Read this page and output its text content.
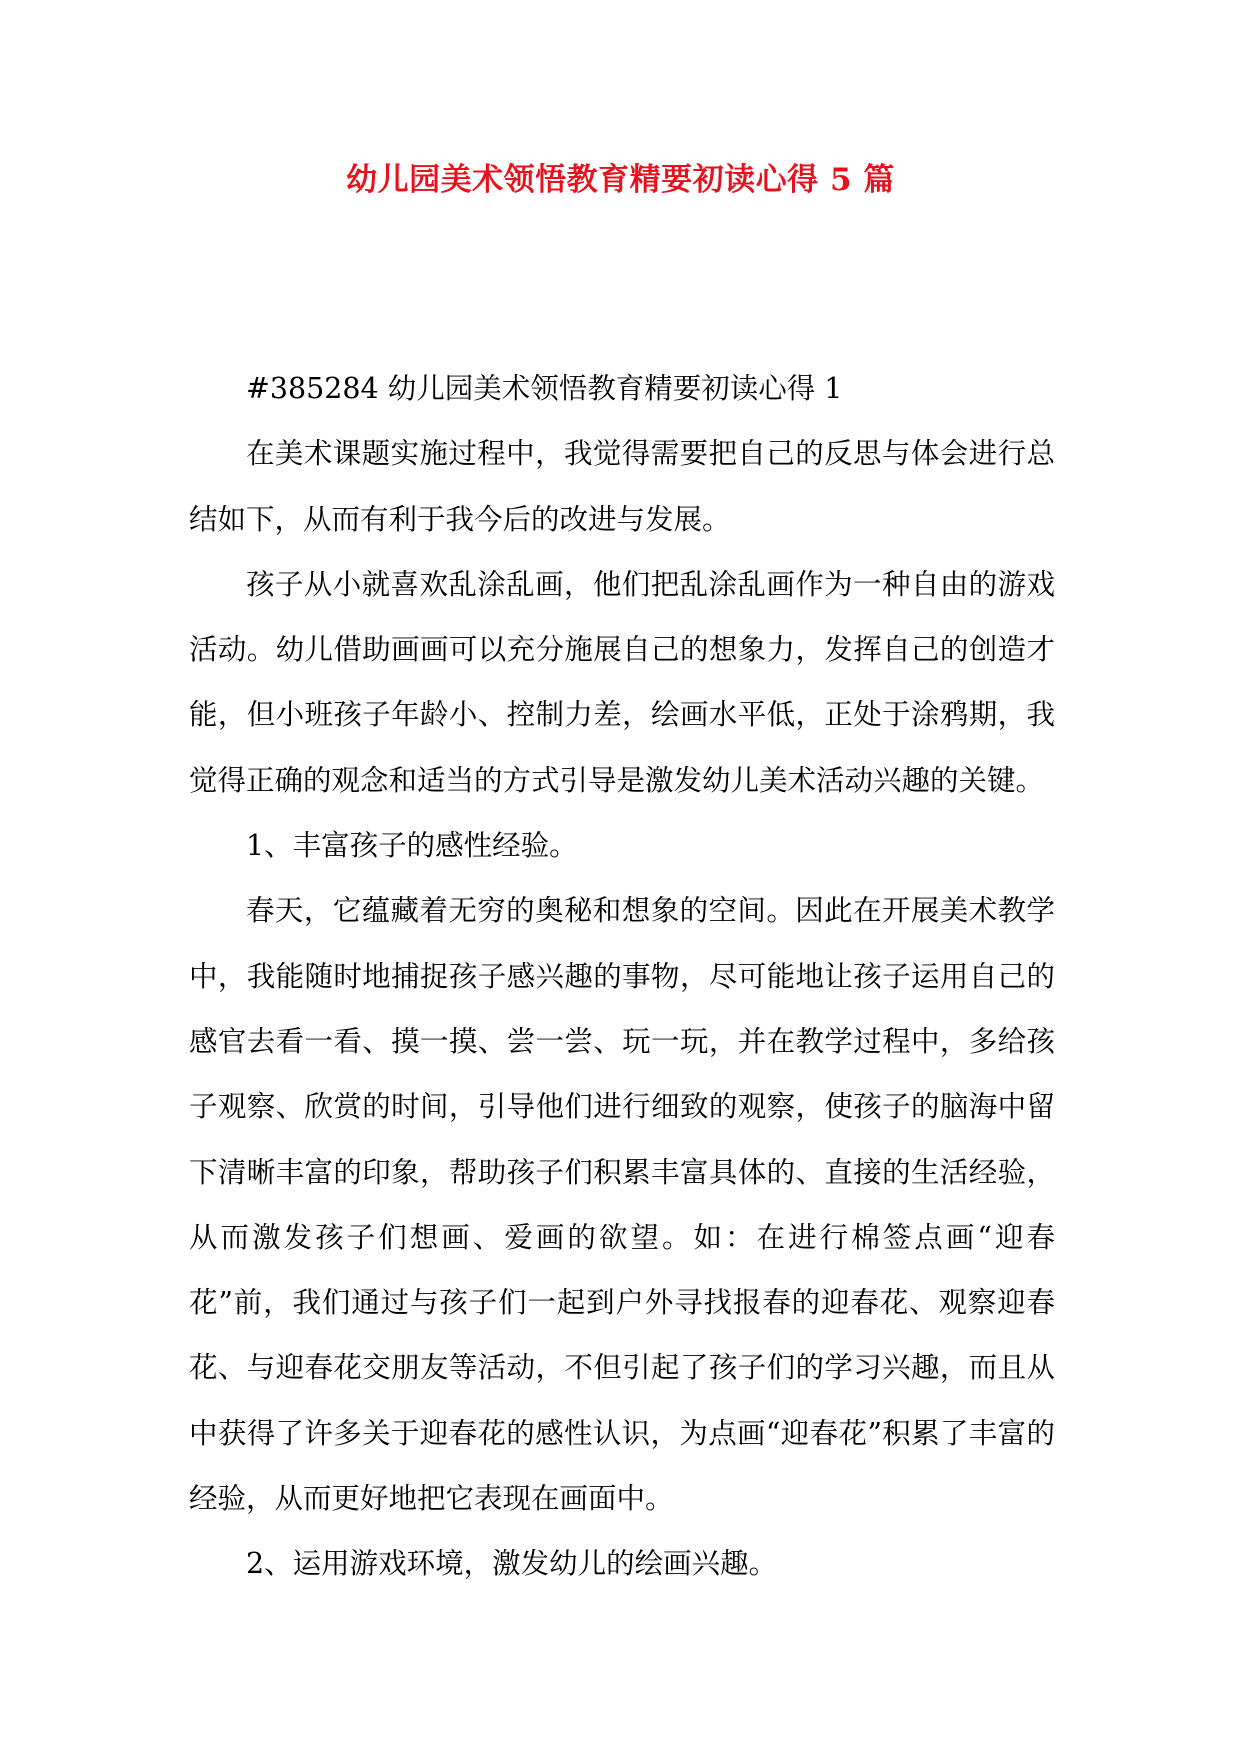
幼儿园美术领悟教育精要初读心得 5 篇

#385284 幼儿园美术领悟教育精要初读心得 1

在美术课题实施过程中，我觉得需要把自己的反思与体会进行总结如下，从而有利于我今后的改进与发展。

孩子从小就喜欢乱涂乱画，他们把乱涂乱画作为一种自由的游戏活动。幼儿借助画画可以充分施展自己的想象力，发挥自己的创造才能，但小班孩子年龄小、控制力差，绘画水平低，正处于涂鸦期，我觉得正确的观念和适当的方式引导是激发幼儿美术活动兴趣的关键。

1、丰富孩子的感性经验。

春天，它蕴藏着无穷的奥秘和想象的空间。因此在开展美术教学中，我能随时地捕捉孩子感兴趣的事物，尽可能地让孩子运用自己的感官去看一看、摸一摸、尝一尝、玩一玩，并在教学过程中，多给孩子观察、欣赏的时间，引导他们进行细致的观察，使孩子的脑海中留下清晰丰富的印象，帮助孩子们积累丰富具体的、直接的生活经验，从而激发孩子们想画、爱画的欲望。如：在进行棉签点画“迎春花”前，我们通过与孩子们一起到户外寻找报春的迎春花、观察迎春花、与迎春花交朋友等活动，不但引起了孩子们的学习兴趣，而且从中获得了许多关于迎春花的感性认识，为点画“迎春花”积累了丰富的经验，从而更好地把它表现在画面中。

2、运用游戏环境，激发幼儿的绘画兴趣。
